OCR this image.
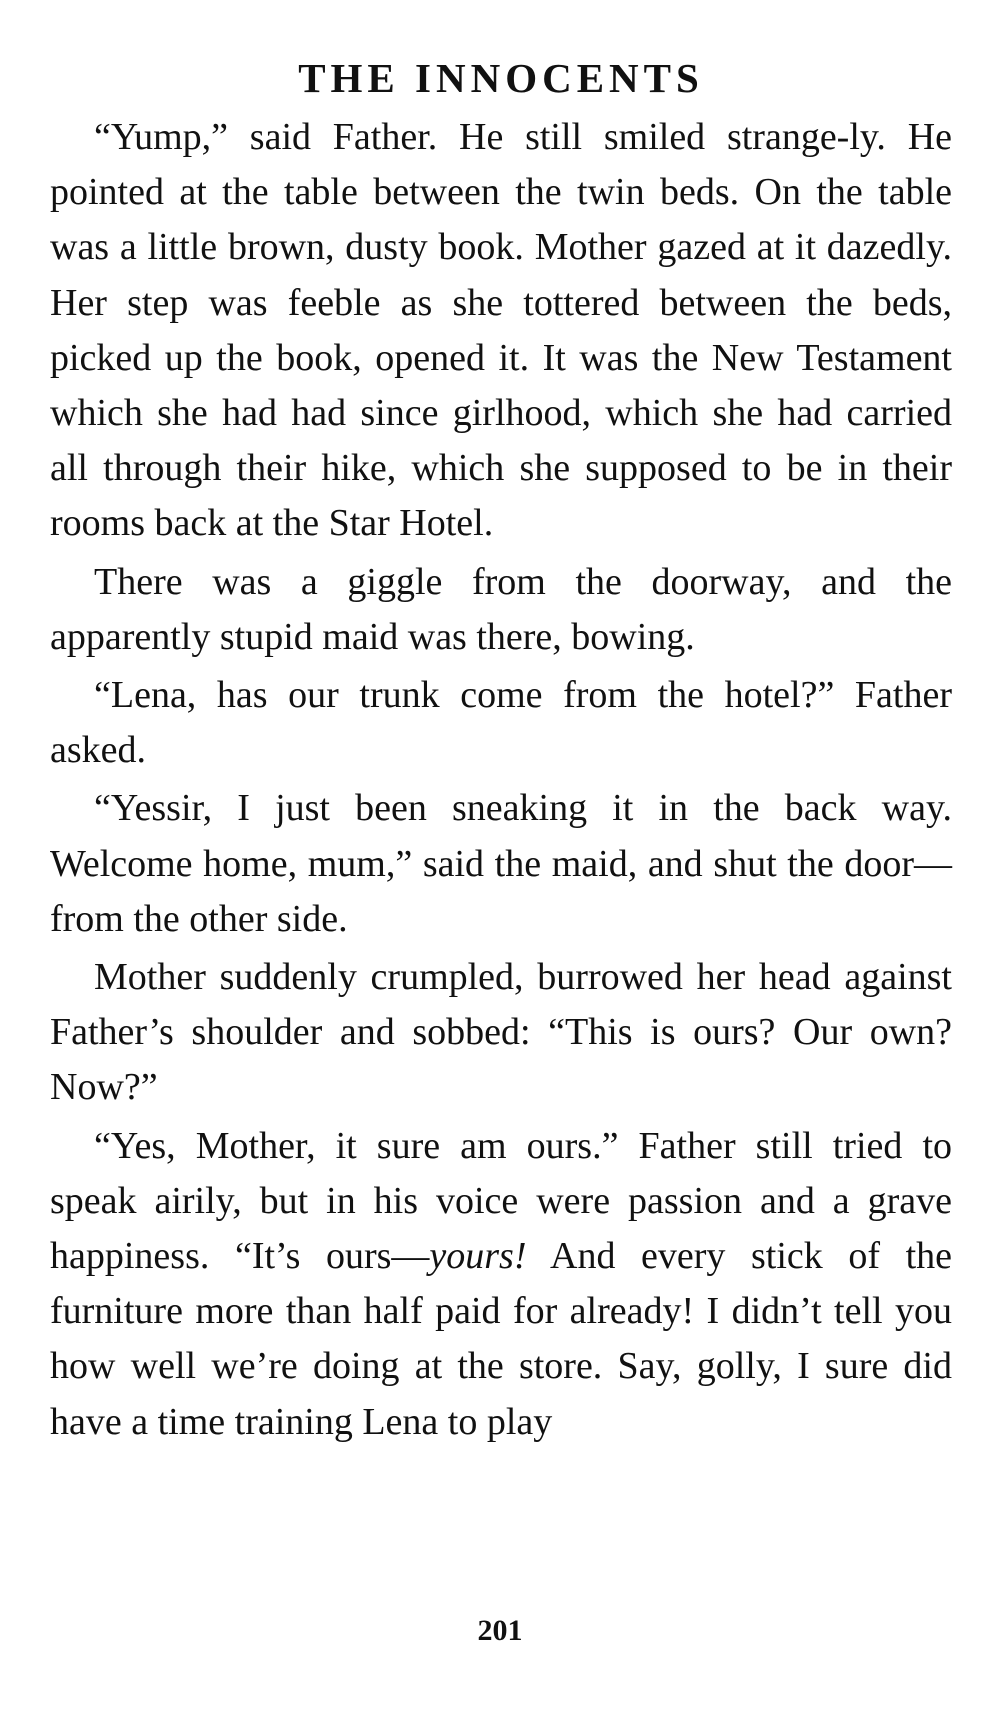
THE INNOCENTS

“Yump,” said Father. He still smiled strange-ly. He pointed at the table between the twin beds. On the table was a little brown, dusty book. Mother gazed at it dazedly. Her step was feeble as she tottered between the beds, picked up the book, opened it. It was the New Testament which she had had since girlhood, which she had carried all through their hike, which she supposed to be in their rooms back at the Star Hotel.

There was a giggle from the doorway, and the apparently stupid maid was there, bowing.

“Lena, has our trunk come from the hotel?” Father asked.

“Yessir, I just been sneaking it in the back way. Welcome home, mum,” said the maid, and shut the door—from the other side.

Mother suddenly crumpled, burrowed her head against Father’s shoulder and sobbed: “This is ours? Our own? Now?”

“Yes, Mother, it sure am ours.” Father still tried to speak airily, but in his voice were passion and a grave happiness. “It’s ours—yours! And every stick of the furniture more than half paid for already! I didn’t tell you how well we’re doing at the store. Say, golly, I sure did have a time training Lena to play

201
